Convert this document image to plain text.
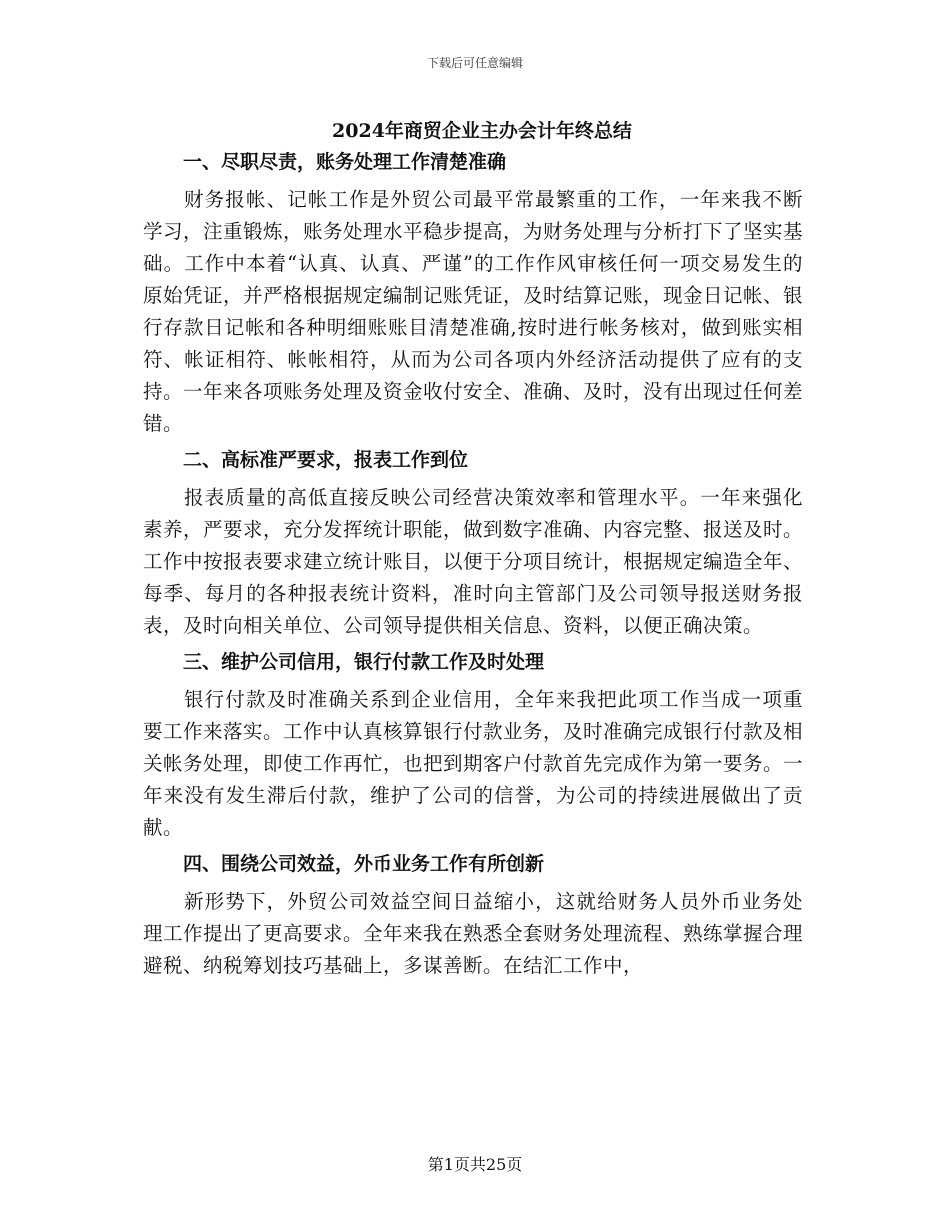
下载后可任意编辑
2024年商贸企业主办会计年终总结
一、尽职尽责，账务处理工作清楚准确

财务报帐、记帐工作是外贸公司最平常最繁重的工作，一年来我不断学习，注重锻炼，账务处理水平稳步提高，为财务处理与分析打下了坚实基础。工作中本着“认真、认真、严谨”的工作作风审核任何一项交易发生的原始凭证，并严格根据规定编制记账凭证，及时结算记账，现金日记帐、银行存款日记帐和各种明细账账目清楚准确,按时进行帐务核对，做到账实相符、帐证相符、帐帐相符，从而为公司各项内外经济活动提供了应有的支持。一年来各项账务处理及资金收付安全、准确、及时，没有出现过任何差错。

二、高标准严要求，报表工作到位

报表质量的高低直接反映公司经营决策效率和管理水平。一年来强化素养，严要求，充分发挥统计职能，做到数字准确、内容完整、报送及时。工作中按报表要求建立统计账目，以便于分项目统计，根据规定编造全年、每季、每月的各种报表统计资料，准时向主管部门及公司领导报送财务报表，及时向相关单位、公司领导提供相关信息、资料，以便正确决策。

三、维护公司信用，银行付款工作及时处理

银行付款及时准确关系到企业信用，全年来我把此项工作当成一项重要工作来落实。工作中认真核算银行付款业务，及时准确完成银行付款及相关帐务处理，即使工作再忙，也把到期客户付款首先完成作为第一要务。一年来没有发生滞后付款，维护了公司的信誉，为公司的持续进展做出了贡献。

四、围绕公司效益，外币业务工作有所创新

新形势下，外贸公司效益空间日益缩小，这就给财务人员外币业务处理工作提出了更高要求。全年来我在熟悉全套财务处理流程、熟练掌握合理避税、纳税筹划技巧基础上，多谋善断。在结汇工作中，

第1页共25页
